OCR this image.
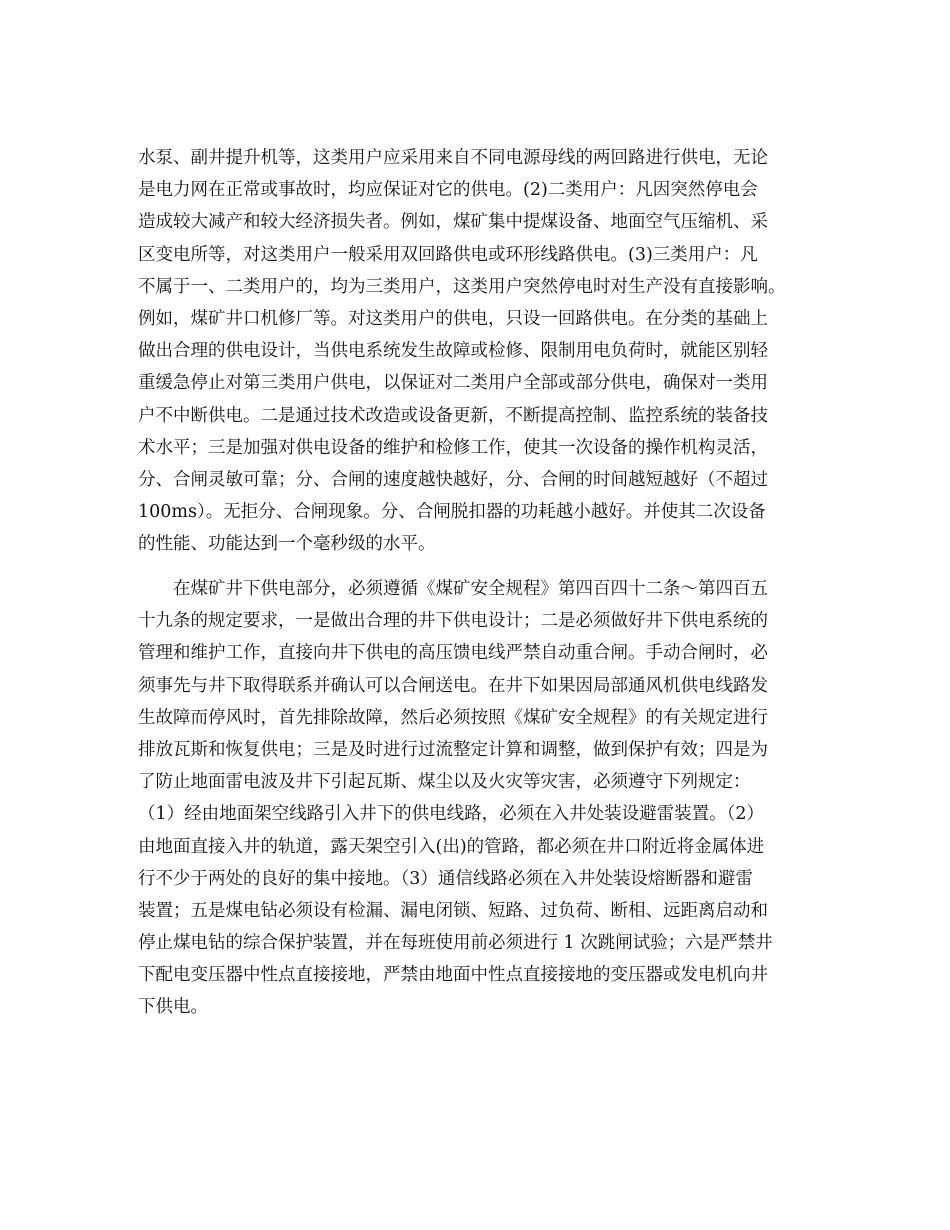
水泵、副井提升机等，这类用户应采用来自不同电源母线的两回路进行供电，无论

是电力网在正常或事故时，均应保证对它的供电。(2)二类用户：凡因突然停电会

造成较大减产和较大经济损失者。例如，煤矿集中提煤设备、地面空气压缩机、采

区变电所等，对这类用户一般采用双回路供电或环形线路供电。(3)三类用户：凡

不属于一、二类用户的，均为三类用户，这类用户突然停电时对生产没有直接影响。

例如，煤矿井口机修厂等。对这类用户的供电，只设一回路供电。在分类的基础上

做出合理的供电设计，当供电系统发生故障或检修、限制用电负荷时，就能区别轻

重缓急停止对第三类用户供电，以保证对二类用户全部或部分供电，确保对一类用

户不中断供电。二是通过技术改造或设备更新，不断提高控制、监控系统的装备技

术水平；三是加强对供电设备的维护和检修工作，使其一次设备的操作机构灵活，

分、合闸灵敏可靠；分、合闸的速度越快越好，分、合闸的时间越短越好（不超过

100ms）。无拒分、合闸现象。分、合闸脱扣器的功耗越小越好。并使其二次设备

的性能、功能达到一个毫秒级的水平。

　　在煤矿井下供电部分，必须遵循《煤矿安全规程》第四百四十二条～第四百五

十九条的规定要求，一是做出合理的井下供电设计；二是必须做好井下供电系统的

管理和维护工作，直接向井下供电的高压馈电线严禁自动重合闸。手动合闸时，必

须事先与井下取得联系并确认可以合闸送电。在井下如果因局部通风机供电线路发

生故障而停风时，首先排除故障，然后必须按照《煤矿安全规程》的有关规定进行

排放瓦斯和恢复供电；三是及时进行过流整定计算和调整，做到保护有效；四是为

了防止地面雷电波及井下引起瓦斯、煤尘以及火灾等灾害，必须遵守下列规定：

（1）经由地面架空线路引入井下的供电线路，必须在入井处装设避雷装置。（2）

由地面直接入井的轨道，露天架空引入(出)的管路，都必须在井口附近将金属体进

行不少于两处的良好的集中接地。（3）通信线路必须在入井处装设熔断器和避雷

装置；五是煤电钻必须设有检漏、漏电闭锁、短路、过负荷、断相、远距离启动和

停止煤电钻的综合保护装置，并在每班使用前必须进行 1 次跳闸试验；六是严禁井

下配电变压器中性点直接接地，严禁由地面中性点直接接地的变压器或发电机向井

下供电。
